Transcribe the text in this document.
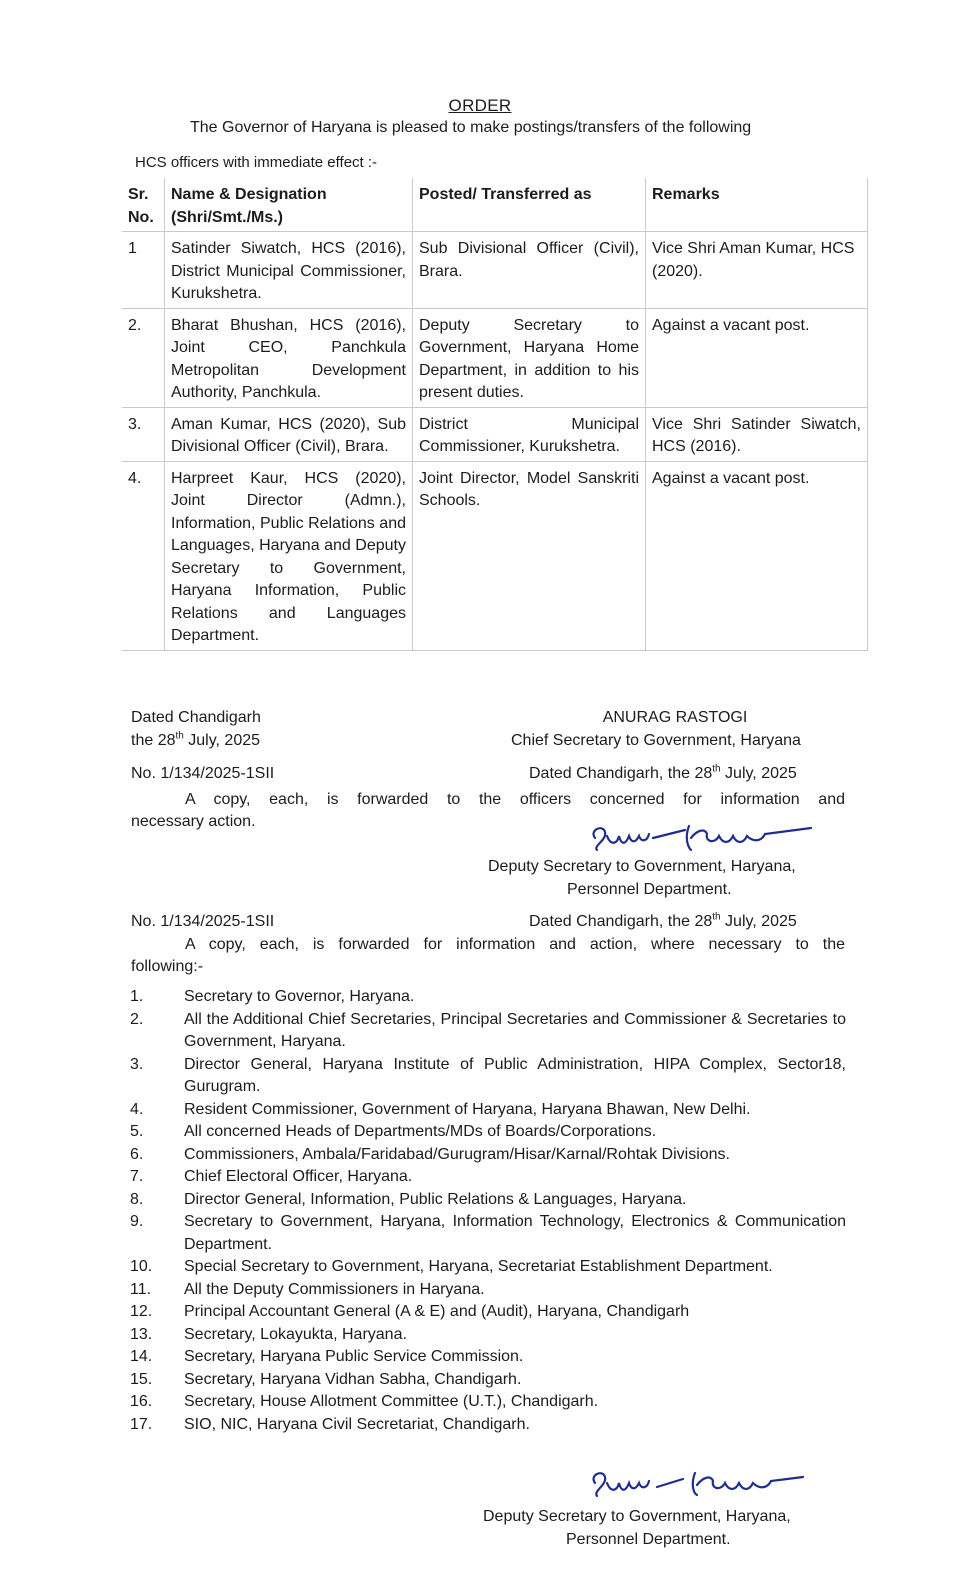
ORDER
The Governor of Haryana is pleased to make postings/transfers of the following
HCS officers with immediate effect :-
Sr. No.	Name & Designation (Shri/Smt./Ms.)	Posted/ Transferred as	Remarks
1	Satinder Siwatch, HCS (2016), District Municipal Commissioner, Kurukshetra.	Sub Divisional Officer (Civil), Brara.	Vice Shri Aman Kumar, HCS (2020).
2.	Bharat Bhushan, HCS (2016), Joint CEO, Panchkula Metropolitan Development Authority, Panchkula.	Deputy Secretary to Government, Haryana Home Department, in addition to his present duties.	Against a vacant post.
3.	Aman Kumar, HCS (2020), Sub Divisional Officer (Civil), Brara.	District Municipal Commissioner, Kurukshetra.	Vice Shri Satinder Siwatch, HCS (2016).
4.	Harpreet Kaur, HCS (2020), Joint Director (Admn.), Information, Public Relations and Languages, Haryana and Deputy Secretary to Government, Haryana Information, Public Relations and Languages Department.	Joint Director, Model Sanskriti Schools.	Against a vacant post.
Dated Chandigarh
the 28th July, 2025
ANURAG RASTOGI
Chief Secretary to Government, Haryana
No. 1/134/2025-1SII	Dated Chandigarh, the 28th July, 2025
A copy, each, is forwarded to the officers concerned for information and
necessary action.
Deputy Secretary to Government, Haryana,
Personnel Department.
No. 1/134/2025-1SII	Dated Chandigarh, the 28th July, 2025
A copy, each, is forwarded for information and action, where necessary to the
following:-
1.	Secretary to Governor, Haryana.
2.	All the Additional Chief Secretaries, Principal Secretaries and Commissioner & Secretaries to Government, Haryana.
3.	Director General, Haryana Institute of Public Administration, HIPA Complex, Sector18, Gurugram.
4.	Resident Commissioner, Government of Haryana, Haryana Bhawan, New Delhi.
5.	All concerned Heads of Departments/MDs of Boards/Corporations.
6.	Commissioners, Ambala/Faridabad/Gurugram/Hisar/Karnal/Rohtak Divisions.
7.	Chief Electoral Officer, Haryana.
8.	Director General, Information, Public Relations & Languages, Haryana.
9.	Secretary to Government, Haryana, Information Technology, Electronics & Communication Department.
10.	Special Secretary to Government, Haryana, Secretariat Establishment Department.
11.	All the Deputy Commissioners in Haryana.
12.	Principal Accountant General (A & E) and (Audit), Haryana, Chandigarh
13.	Secretary, Lokayukta, Haryana.
14.	Secretary, Haryana Public Service Commission.
15.	Secretary, Haryana Vidhan Sabha, Chandigarh.
16.	Secretary, House Allotment Committee (U.T.), Chandigarh.
17.	SIO, NIC, Haryana Civil Secretariat, Chandigarh.
Deputy Secretary to Government, Haryana,
Personnel Department.
